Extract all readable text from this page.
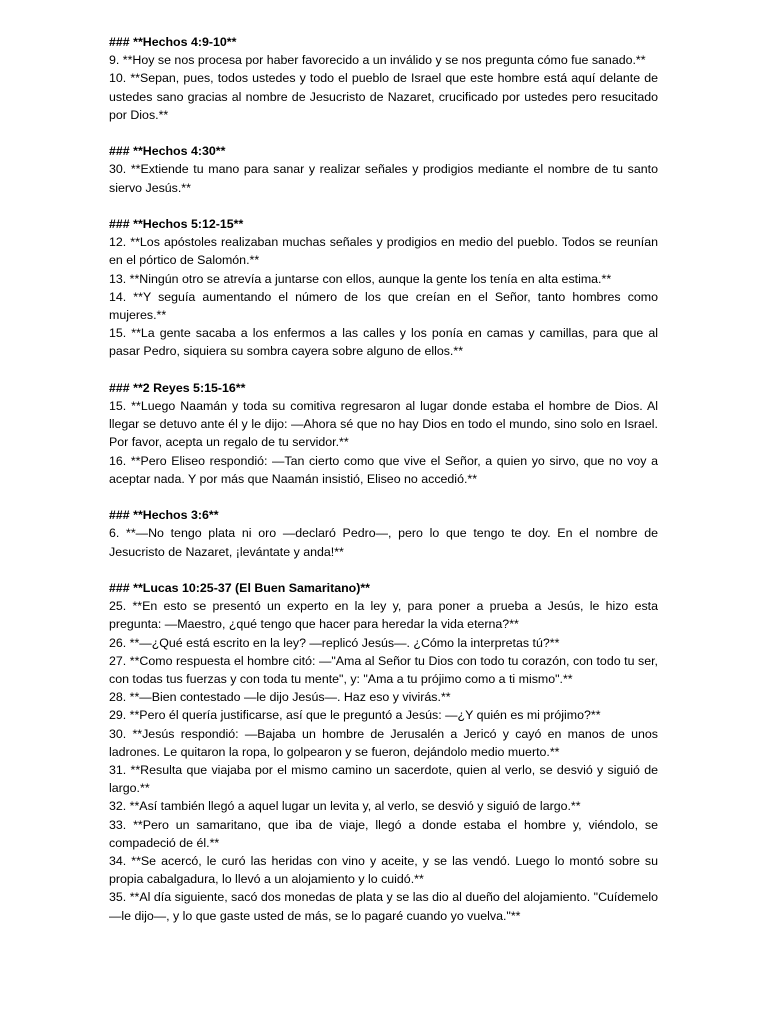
### **Hechos 4:9-10**

9. **Hoy se nos procesa por haber favorecido a un inválido y se nos pregunta cómo fue sanado.**

10. **Sepan, pues, todos ustedes y todo el pueblo de Israel que este hombre está aquí delante de ustedes sano gracias al nombre de Jesucristo de Nazaret, crucificado por ustedes pero resucitado por Dios.**

### **Hechos 4:30**

30. **Extiende tu mano para sanar y realizar señales y prodigios mediante el nombre de tu santo siervo Jesús.**

### **Hechos 5:12-15**

12. **Los apóstoles realizaban muchas señales y prodigios en medio del pueblo. Todos se reunían en el pórtico de Salomón.**

13. **Ningún otro se atrevía a juntarse con ellos, aunque la gente los tenía en alta estima.**

14. **Y seguía aumentando el número de los que creían en el Señor, tanto hombres como mujeres.**

15. **La gente sacaba a los enfermos a las calles y los ponía en camas y camillas, para que al pasar Pedro, siquiera su sombra cayera sobre alguno de ellos.**

### **2 Reyes 5:15-16**

15. **Luego Naamán y toda su comitiva regresaron al lugar donde estaba el hombre de Dios. Al llegar se detuvo ante él y le dijo: —Ahora sé que no hay Dios en todo el mundo, sino solo en Israel. Por favor, acepta un regalo de tu servidor.**

16. **Pero Eliseo respondió: —Tan cierto como que vive el Señor, a quien yo sirvo, que no voy a aceptar nada. Y por más que Naamán insistió, Eliseo no accedió.**

### **Hechos 3:6**

6. **—No tengo plata ni oro —declaró Pedro—, pero lo que tengo te doy. En el nombre de Jesucristo de Nazaret, ¡levántate y anda!**

### **Lucas 10:25-37 (El Buen Samaritano)**

25. **En esto se presentó un experto en la ley y, para poner a prueba a Jesús, le hizo esta pregunta: —Maestro, ¿qué tengo que hacer para heredar la vida eterna?**

26. **—¿Qué está escrito en la ley? —replicó Jesús—. ¿Cómo la interpretas tú?**

27. **Como respuesta el hombre citó: —"Ama al Señor tu Dios con todo tu corazón, con todo tu ser, con todas tus fuerzas y con toda tu mente", y: "Ama a tu prójimo como a ti mismo".**

28. **—Bien contestado —le dijo Jesús—. Haz eso y vivirás.**

29. **Pero él quería justificarse, así que le preguntó a Jesús: —¿Y quién es mi prójimo?**

30. **Jesús respondió: —Bajaba un hombre de Jerusalén a Jericó y cayó en manos de unos ladrones. Le quitaron la ropa, lo golpearon y se fueron, dejándolo medio muerto.**

31. **Resulta que viajaba por el mismo camino un sacerdote, quien al verlo, se desvió y siguió de largo.**

32. **Así también llegó a aquel lugar un levita y, al verlo, se desvió y siguió de largo.**

33. **Pero un samaritano, que iba de viaje, llegó a donde estaba el hombre y, viéndolo, se compadeció de él.**

34. **Se acercó, le curó las heridas con vino y aceite, y se las vendó. Luego lo montó sobre su propia cabalgadura, lo llevó a un alojamiento y lo cuidó.**

35. **Al día siguiente, sacó dos monedas de plata y se las dio al dueño del alojamiento. "Cuídemelo —le dijo—, y lo que gaste usted de más, se lo pagaré cuando yo vuelva."**
